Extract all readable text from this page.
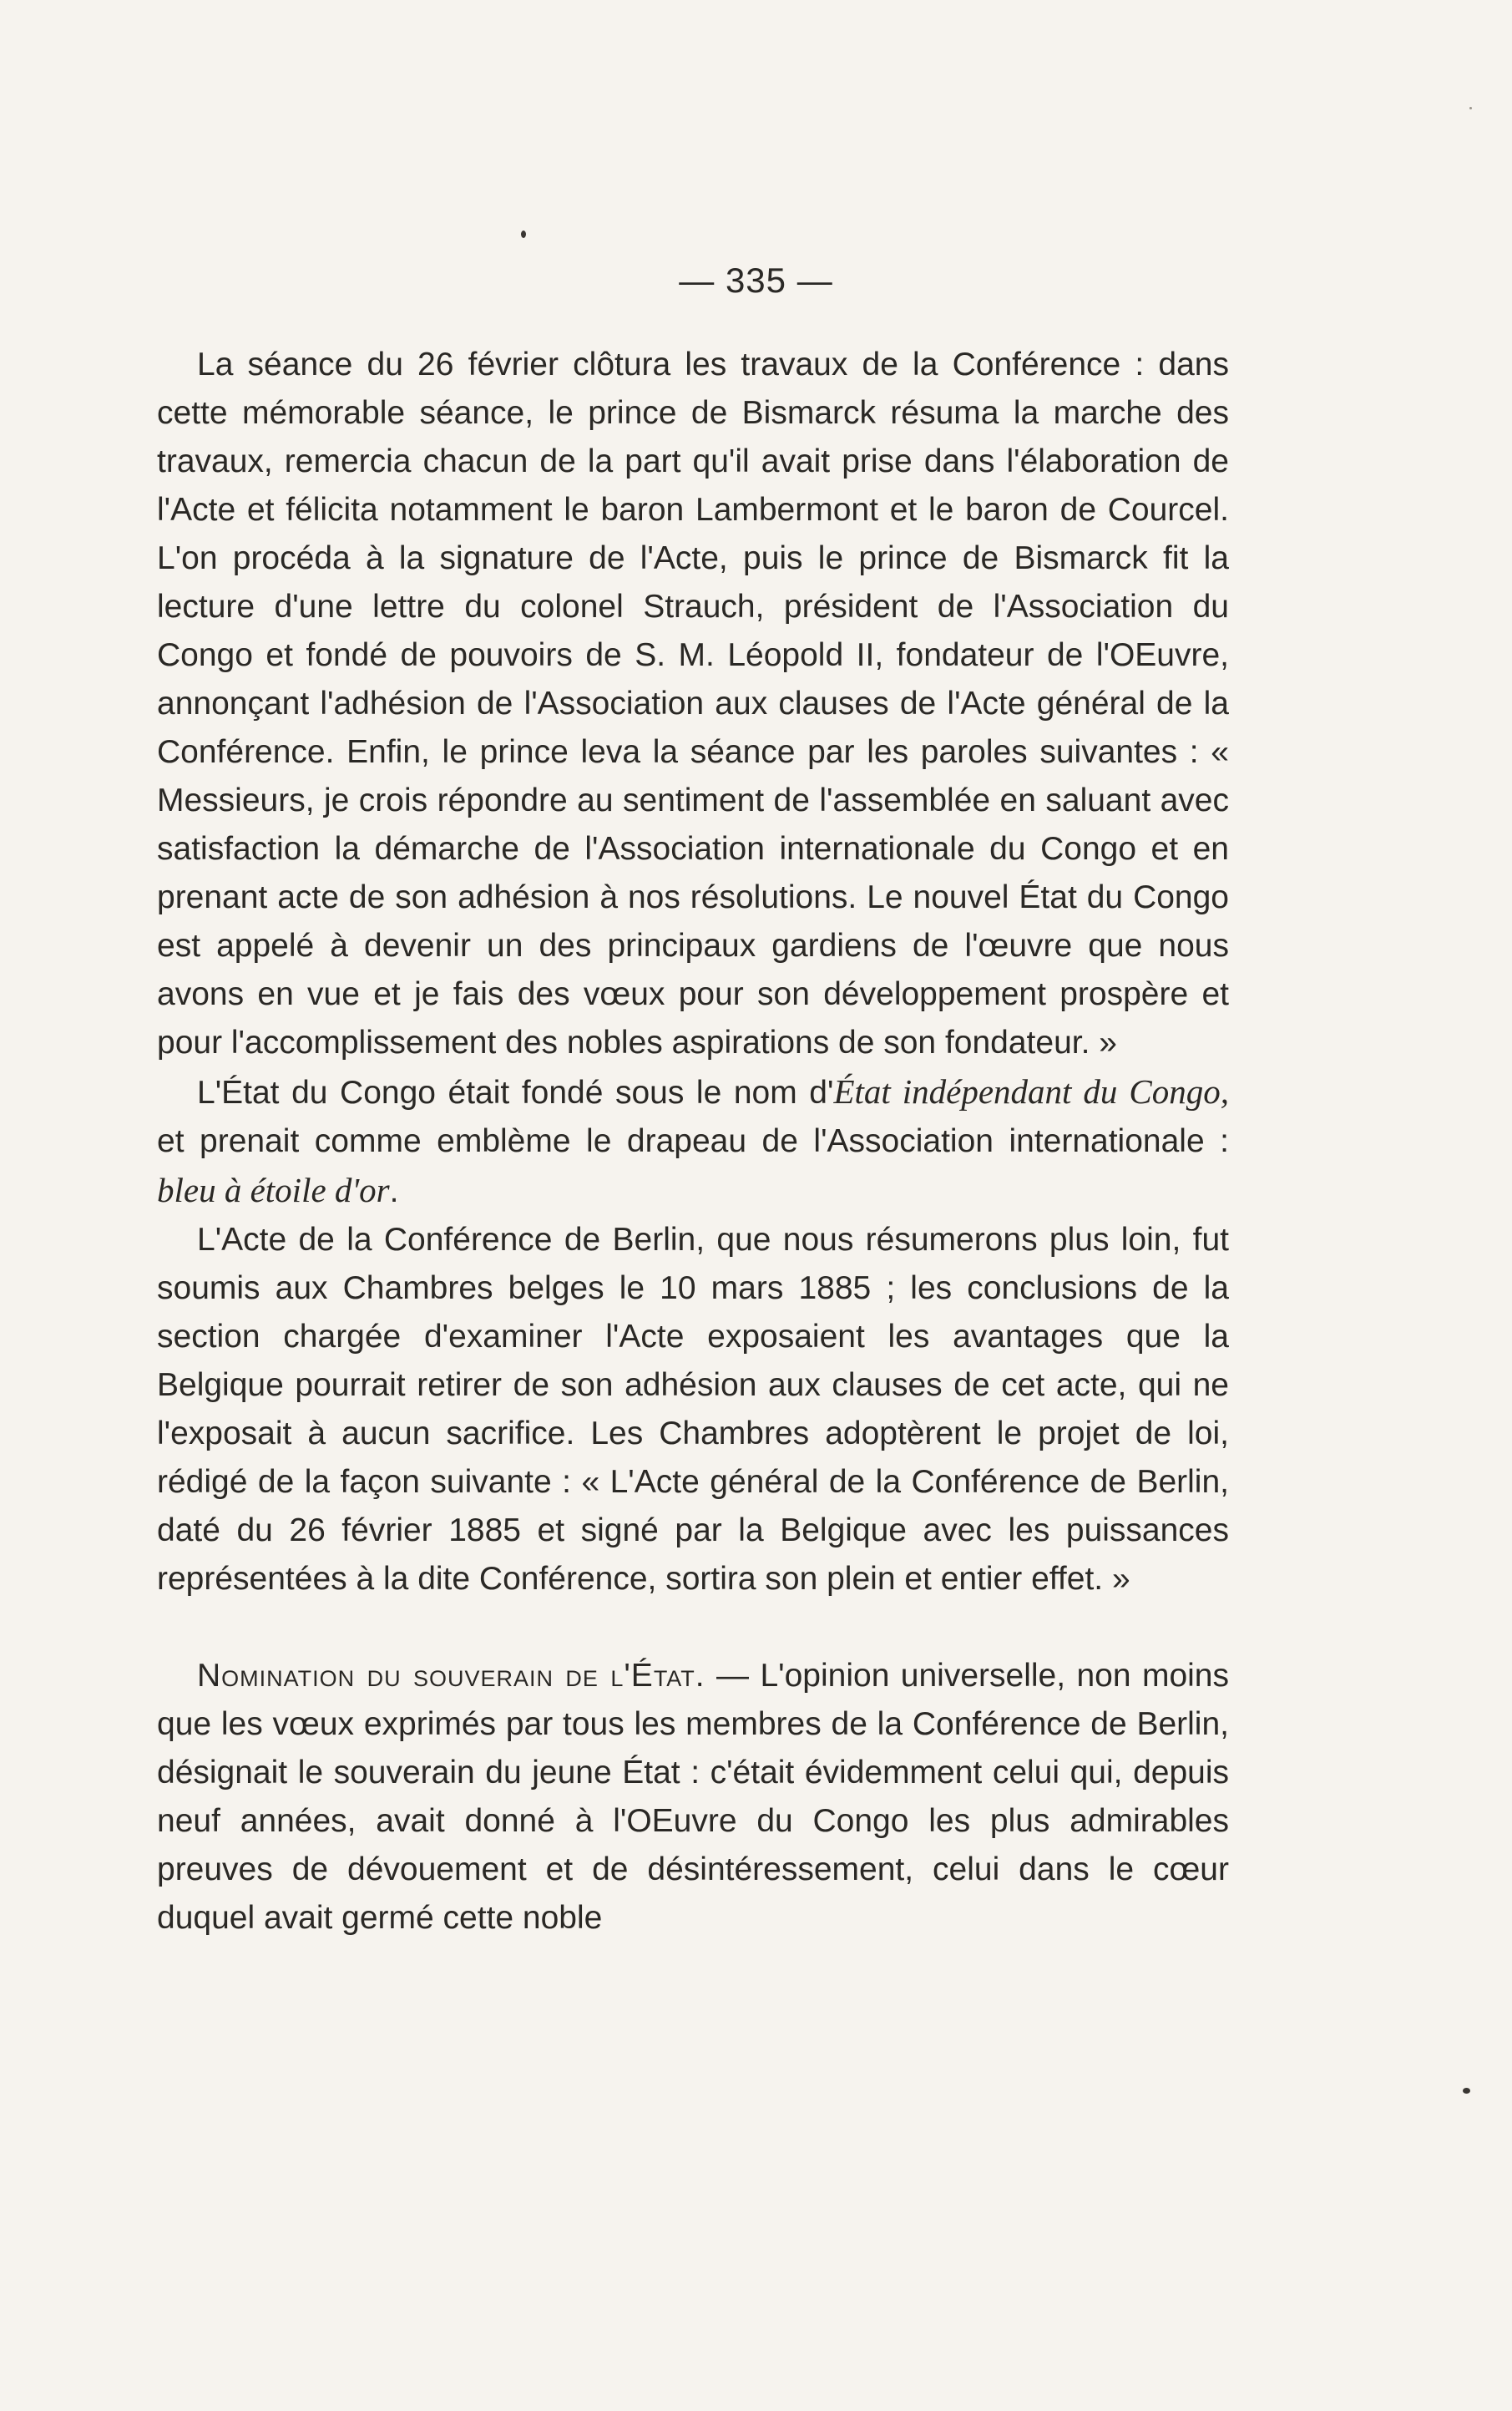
— 335 —

La séance du 26 février clôtura les travaux de la Conférence : dans cette mémorable séance, le prince de Bismarck résuma la marche des travaux, remercia chacun de la part qu'il avait prise dans l'élaboration de l'Acte et félicita notamment le baron Lambermont et le baron de Courcel. L'on procéda à la signature de l'Acte, puis le prince de Bismarck fit la lecture d'une lettre du colonel Strauch, président de l'Association du Congo et fondé de pouvoirs de S. M. Léopold II, fondateur de l'OEuvre, annonçant l'adhésion de l'Association aux clauses de l'Acte général de la Conférence. Enfin, le prince leva la séance par les paroles suivantes : « Messieurs, je crois répondre au sentiment de l'assemblée en saluant avec satisfaction la démarche de l'Association internationale du Congo et en prenant acte de son adhésion à nos résolutions. Le nouvel État du Congo est appelé à devenir un des principaux gardiens de l'œuvre que nous avons en vue et je fais des vœux pour son développement prospère et pour l'accomplissement des nobles aspirations de son fondateur. »

L'État du Congo était fondé sous le nom d'État indépendant du Congo, et prenait comme emblème le drapeau de l'Association internationale : bleu à étoile d'or.

L'Acte de la Conférence de Berlin, que nous résumerons plus loin, fut soumis aux Chambres belges le 10 mars 1885 ; les conclusions de la section chargée d'examiner l'Acte exposaient les avantages que la Belgique pourrait retirer de son adhésion aux clauses de cet acte, qui ne l'exposait à aucun sacrifice. Les Chambres adoptèrent le projet de loi, rédigé de la façon suivante : « L'Acte général de la Conférence de Berlin, daté du 26 février 1885 et signé par la Belgique avec les puissances représentées à la dite Conférence, sortira son plein et entier effet. »

Nomination du souverain de l'État. — L'opinion universelle, non moins que les vœux exprimés par tous les membres de la Conférence de Berlin, désignait le souverain du jeune État : c'était évidemment celui qui, depuis neuf années, avait donné à l'OEuvre du Congo les plus admirables preuves de dévouement et de désintéressement, celui dans le cœur duquel avait germé cette noble
